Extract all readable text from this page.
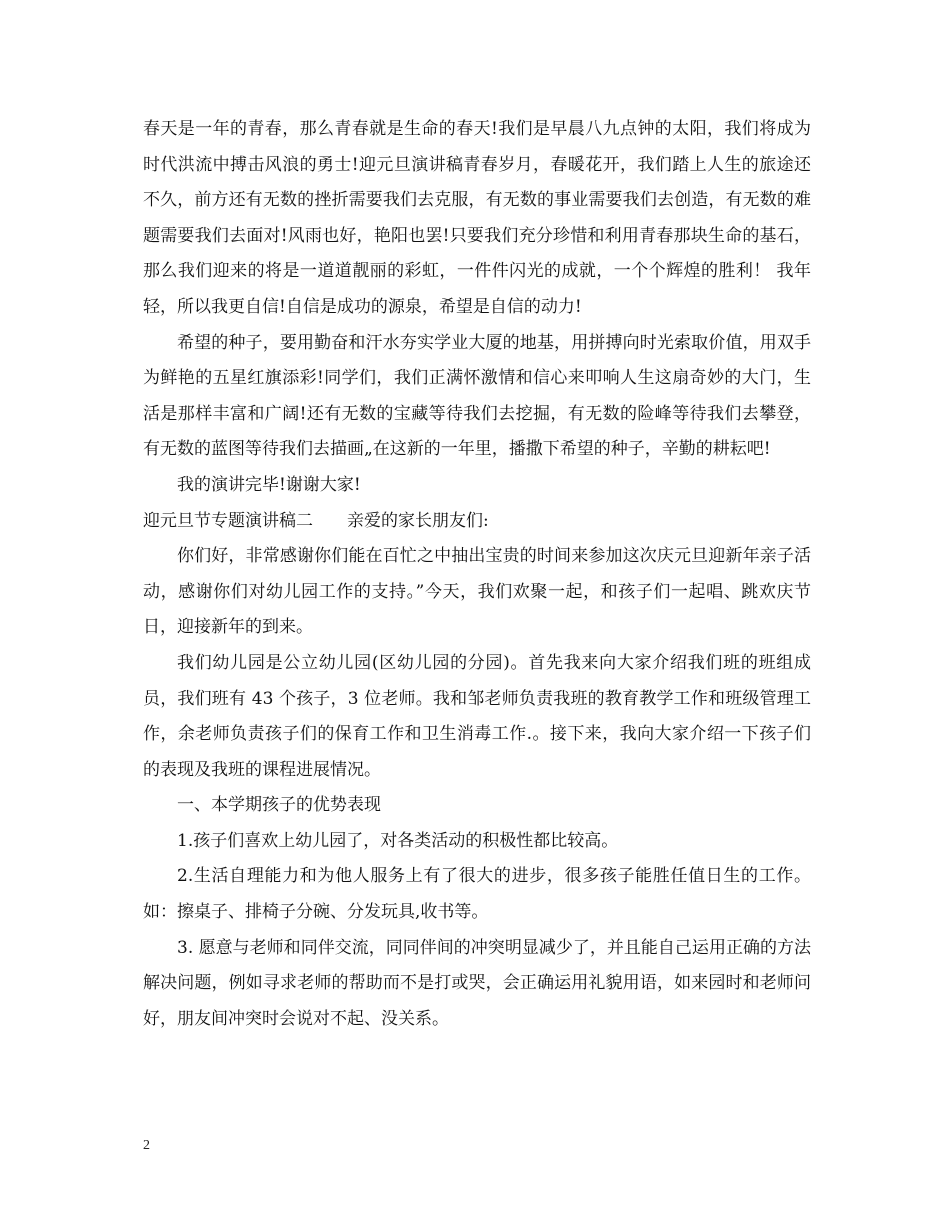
春天是一年的青春，那么青春就是生命的春天!我们是早晨八九点钟的太阳，我们将成为时代洪流中搏击风浪的勇士!迎元旦演讲稿青春岁月，春暖花开，我们踏上人生的旅途还不久，前方还有无数的挫折需要我们去克服，有无数的事业需要我们去创造，有无数的难题需要我们去面对!风雨也好，艳阳也罢!只要我们充分珍惜和利用青春那块生命的基石，那么我们迎来的将是一道道靓丽的彩虹，一件件闪光的成就，一个个辉煌的胜利！ 我年轻，所以我更自信!自信是成功的源泉，希望是自信的动力!

希望的种子，要用勤奋和汗水夯实学业大厦的地基，用拼搏向时光索取价值，用双手为鲜艳的五星红旗添彩!同学们，我们正满怀激情和信心来叩响人生这扇奇妙的大门，生活是那样丰富和广阔!还有无数的宝藏等待我们去挖掘，有无数的险峰等待我们去攀登，有无数的蓝图等待我们去描画„在这新的一年里，播撒下希望的种子，辛勤的耕耘吧!

我的演讲完毕!谢谢大家!

迎元旦节专题演讲稿二 亲爱的家长朋友们:

你们好，非常感谢你们能在百忙之中抽出宝贵的时间来参加这次庆元旦迎新年亲子活动，感谢你们对幼儿园工作的支持。”今天，我们欢聚一起，和孩子们一起唱、跳欢庆节日，迎接新年的到来。

我们幼儿园是公立幼儿园(区幼儿园的分园)。首先我来向大家介绍我们班的班组成员，我们班有 43 个孩子，3 位老师。我和邹老师负责我班的教育教学工作和班级管理工作，余老师负责孩子们的保育工作和卫生消毒工作.。接下来，我向大家介绍一下孩子们的表现及我班的课程进展情况。

一、本学期孩子的优势表现

1.孩子们喜欢上幼儿园了，对各类活动的积极性都比较高。

2.生活自理能力和为他人服务上有了很大的进步，很多孩子能胜任值日生的工作。如：擦桌子、排椅子分碗、分发玩具,收书等。

3. 愿意与老师和同伴交流，同同伴间的冲突明显减少了，并且能自己运用正确的方法解决问题，例如寻求老师的帮助而不是打或哭，会正确运用礼貌用语，如来园时和老师问好，朋友间冲突时会说对不起、没关系。

2
